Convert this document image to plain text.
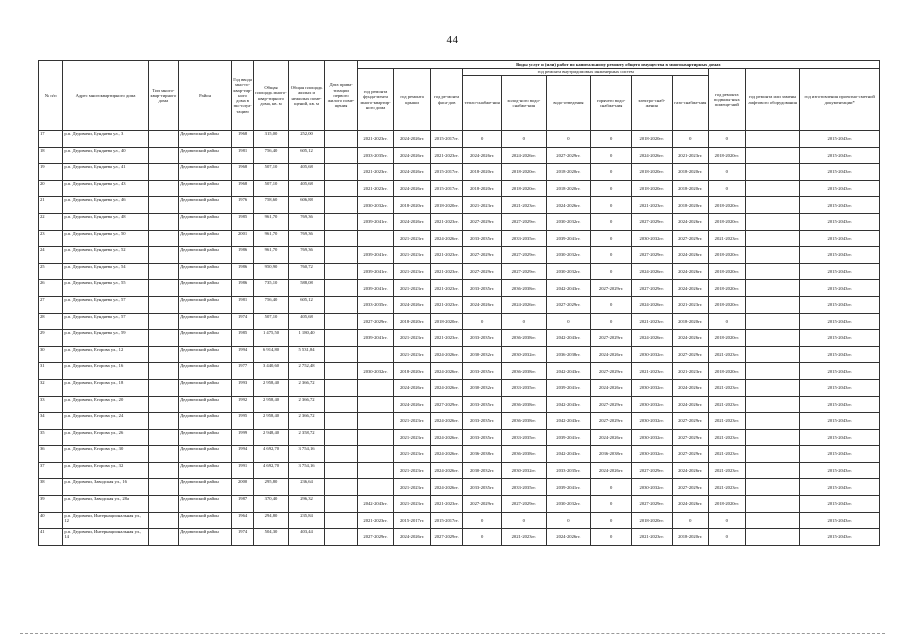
44
№ п/п	Адрес многоквартирного дома	Тип много-квар-тирного дома	Район	Год ввода мно-го-квар-тир-ного дома в экс-плуа-тацию	Общая площадь много-квар-тирного дома, кв. м	Общая площадь жилых и нежилых поме-щений, кв. м	Дата прива-тизации первого жилого поме-щения	Виды услуг и (или) работ по капитальному ремонту общего имущества в многоквартирных домах											
								год ремонта фунда-мента много-квартир-ного дома	год ремонта крыши	год ре-монта фаса-дов	год ремонта внутридомовых инженерных систем						год ремонта подвалы-ных помеще-ний	год ремонта или замены лифтового оборудования	год изготовления проектно-сметной документации*
											тепло-снабже-ния	холод-ного водо-снабже-ния	водо-отведения	горячего водо-снабже-ния	электро-снаб-жения	газо-снабже-ния			
17	р.п. Дедовичи, Бундяева ул., 3		Дедовичский район	1968	315,00	252,00		2021-2023гг.	2024-2026гг.	2015-2017гг.	0	0	0	0	2018-2020гг.	0	0		2015-2043гг.
18	р.п. Дедовичи, Бундяева ул., 40		Дедовичский район	1981	756,40	605,12		2033-2035гг.	2024-2026гг.	2021-2023гг.	2024-2026гг.	2024-2026гг.	2027-2029гг.	0	2024-2026гг.	2021-2023гг.	2018-2020гг.		2015-2043гг.
19	р.п. Дедовичи, Бундяева ул., 41		Дедовичский район	1968	507,10	405,68		2021-2023гг.	2024-2026гг.	2015-2017гг.	2018-2020гг.	2018-2020гг.	2018-2020гг.	0	2018-2020гг.	2018-2020гг.	0		2015-2043гг.
20	р.п. Дедовичи, Бундяева ул., 43		Дедовичский район	1968	507,10	405,68		2021-2023гг.	2024-2026гг.	2015-2017гг.	2018-2020гг.	2018-2020гг.	2018-2020гг.	0	2018-2020гг.	2018-2020гг.	0		2015-2043гг.
21	р.п. Дедовичи, Бундяева ул., 46		Дедовичский район	1976	758,60	606,88		2030-2032гг.	2018-2020гг.	2018-2020гг.	2021-2023гг.	2021-2023гг.	2024-2026гг.	0	2021-2023гг.	2018-2020гг.	2018-2020гг.		2015-2043гг.
22	р.п. Дедовичи, Бундяева ул., 48		Дедовичский район	1985	961,70	769,36		2039-2041гг.	2024-2026гг.	2021-2023гг.	2027-2029гг.	2027-2029гг.	2030-2032гг.	0	2027-2029гг.	2024-2026гг.	2018-2020гг.		2015-2043гг.
23	р.п. Дедовичи, Бундяева ул., 50		Дедовичский район	2001	961,70	769,36			2021-2023гг.	2024-2026гг.	2033-2035гг.	2033-2035гг.	2039-2041гг.	0	2030-2032гг.	2027-2029гг.	2021-2023гг.		2015-2043гг.
24	р.п. Дедовичи, Бундяева ул., 52		Дедовичский район	1986	961,70	769,36		2039-2041гг.	2021-2023гг.	2021-2023гг.	2027-2029гг.	2027-2029гг.	2030-2032гг.	0	2027-2029гг.	2024-2026гг.	2018-2020гг.		2015-2043гг.
25	р.п. Дедовичи, Бундяева ул., 54		Дедовичский район	1986	950,90	760,72		2039-2041гг.	2021-2023гг.	2021-2023гг.	2027-2029гг.	2027-2029гг.	2030-2032гг.	0	2024-2026гг.	2024-2026гг.	2018-2020гг.		2015-2043гг.
26	р.п. Дедовичи, Бундяева ул., 55		Дедовичский район	1986	735,10	588,08		2039-2041гг.	2021-2023гг.	2021-2023гг.	2033-2035гг.	2036-2038гг.	2042-2043гг.	2027-2029гг.	2027-2029гг.	2024-2026гг.	2018-2020гг.		2015-2043гг.
27	р.п. Дедовичи, Бундяева ул., 57		Дедовичский район	1981	756,40	605,12		2033-2035гг.	2024-2026гг.	2021-2023гг.	2024-2026гг.	2024-2026гг.	2027-2029гг.	0	2024-2026гг.	2021-2023гг.	2018-2020гг.		2015-2043гг.
28	р.п. Дедовичи, Бундяева ул., 57		Дедовичский район	1974	507,10	405,68		2027-2029гг.	2018-2020гг.	2018-2020гг.	0	0	0	0	2021-2023гг.	2018-2020гг.	0		2015-2043гг.
29	р.п. Дедовичи, Бундяева ул., 59		Дедовичский район	1985	1 475,50	1 180,40		2039-2041гг.	2021-2023гг.	2021-2023гг.	2033-2035гг.	2036-2038гг.	2042-2043гг.	2027-2029гг.	2024-2026гг.	2024-2026гг.	2018-2020гг.		2015-2043гг.
30	р.п. Дедовичи, Егорова ул., 12		Дедовичский район	1994	6 914,80	5 531,84			2021-2023гг.	2024-2026гг.	2030-2032гг.	2030-2032гг.	2036-2038гг.	2024-2026гг.	2030-2032гг.	2027-2029гг.	2021-2023гг.		2015-2043гг.
31	р.п. Дедовичи, Егорова ул., 16		Дедовичский район	1977	3 440,60	2 752,48		2030-2032гг.	2018-2020гг.	2024-2026гг.	2033-2035гг.	2036-2038гг.	2042-2043гг.	2027-2029гг.	2021-2023гг.	2021-2023гг.	2018-2020гг.		2015-2043гг.
32	р.п. Дедовичи, Егорова ул., 18		Дедовичский район	1993	2 958,40	2 366,72			2024-2026гг.	2024-2026гг.	2030-2032гг.	2033-2035гг.	2039-2041гг.	2024-2026гг.	2030-2032гг.	2024-2026гг.	2021-2023гг.		2015-2043гг.
33	р.п. Дедовичи, Егорова ул., 20		Дедовичский район	1992	2 958,40	2 366,72			2024-2026гг.	2027-2029гг.	2033-2035гг.	2036-2038гг.	2042-2043гг.	2027-2029гг.	2030-2032гг.	2024-2026гг.	2021-2023гг.		2015-2043гг.
34	р.п. Дедовичи, Егорова ул., 24		Дедовичский район	1995	2 958,40	2 366,72			2021-2023гг.	2024-2026гг.	2033-2035гг.	2036-2038гг.	2042-2043гг.	2027-2029гг.	2030-2032гг.	2027-2029гг.	2021-2023гг.		2015-2043гг.
35	р.п. Дедовичи, Егорова ул., 26		Дедовичский район	1999	2 948,40	2 358,72			2021-2023гг.	2024-2026гг.	2033-2035гг.	2033-2035гг.	2039-2041гг.	2024-2026гг.	2030-2032гг.	2027-2029гг.	2021-2023гг.		2015-2043гг.
36	р.п. Дедовичи, Егорова ул., 30		Дедовичский район	1994	4 692,70	3 754,16			2021-2023гг.	2024-2026гг.	2036-2038гг.	2036-2038гг.	2042-2043гг.	2036-2038гг.	2030-2032гг.	2027-2029гг.	2021-2023гг.		2015-2043гг.
37	р.п. Дедовичи, Егорова ул., 32		Дедовичский район	1991	4 692,70	3 754,16			2021-2023гг.	2024-2026гг.	2030-2032гг.	2030-2032гг.	2033-2035гг.	2024-2026гг.	2027-2029гг.	2024-2026гг.	2021-2023гг.		2015-2043гг.
38	р.п. Дедовичи, Заводская ул., 16		Дедовичский район	2000	295,80	236,64			2021-2023гг.	2024-2026гг.	2033-2035гг.	2033-2035гг.	2039-2041гг.	0	2030-2032гг.	2027-2029гг.	2021-2023гг.		2015-2043гг.
39	р.п. Дедовичи, Заводская ул., 28а		Дедовичский район	1987	370,40	296,32		2042-2043гг.	2021-2023гг.	2021-2023гг.	2027-2029гг.	2027-2029гг.	2030-2032гг.	0	2027-2029гг.	2024-2026гг.	2018-2020гг.		2015-2043гг.
40	р.п. Дедовичи, Интернациональная ул., 12		Дедовичский район	1964	294,80	235,84		2021-2023гг.	2015-2017гг.	2015-2017гг.	0	0	0	0	2018-2020гг.	0	0		2015-2043гг.
41	р.п. Дедовичи, Интернациональная ул., 14		Дедовичский район	1974	504,30	403,44		2027-2029гг.	2024-2026гг.	2027-2029гг.	0	2021-2023гг.	2024-2026гг.	0	2021-2023гг.	2018-2020гг.	0		2015-2043гг.
